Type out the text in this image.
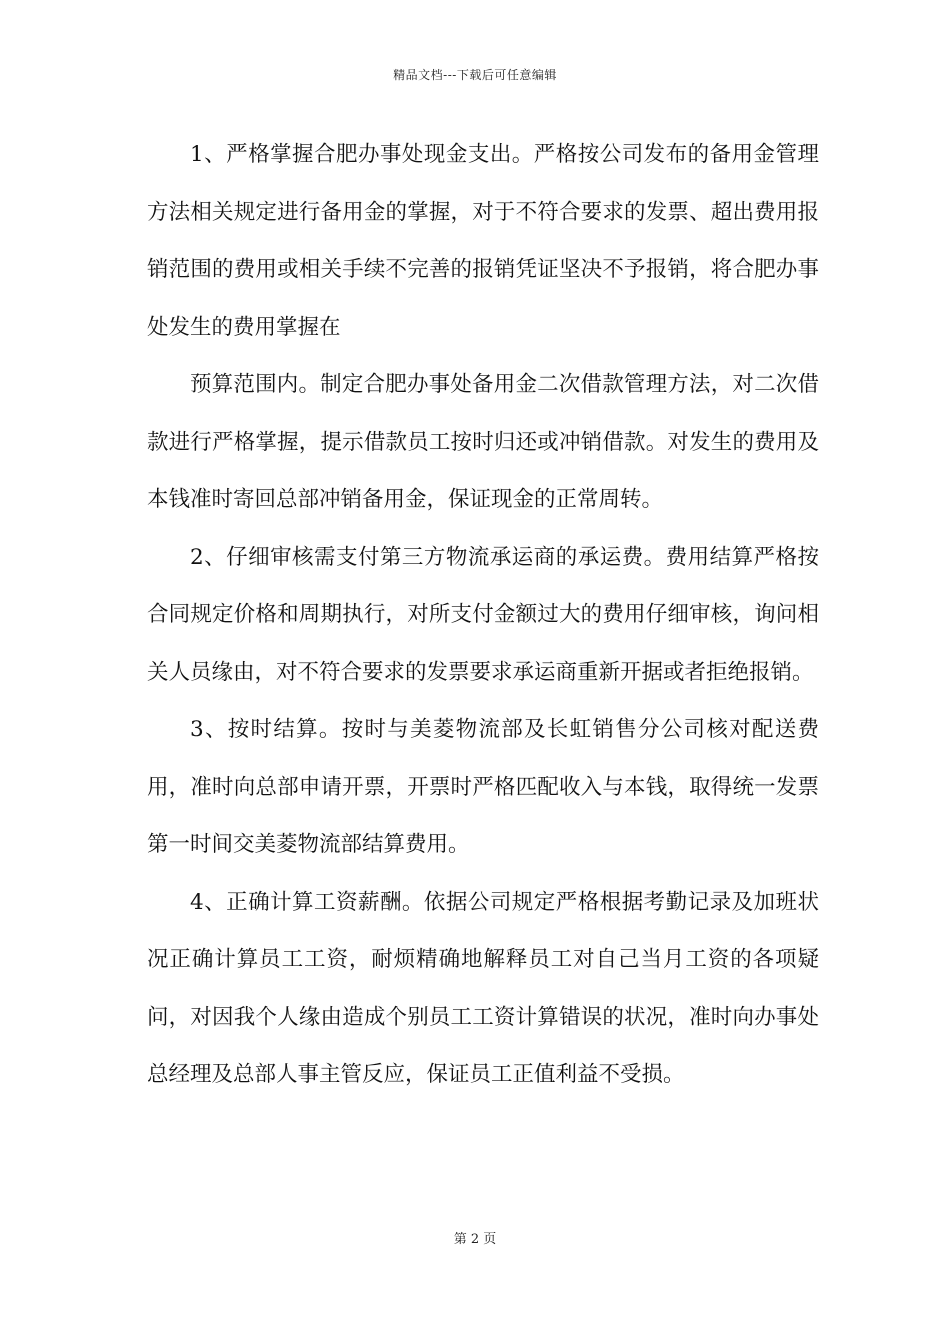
精品文档---下载后可任意编辑

1、严格掌握合肥办事处现金支出。严格按公司发布的备用金管理方法相关规定进行备用金的掌握，对于不符合要求的发票、超出费用报销范围的费用或相关手续不完善的报销凭证坚决不予报销，将合肥办事处发生的费用掌握在

预算范围内。制定合肥办事处备用金二次借款管理方法，对二次借款进行严格掌握，提示借款员工按时归还或冲销借款。对发生的费用及本钱准时寄回总部冲销备用金，保证现金的正常周转。

2、仔细审核需支付第三方物流承运商的承运费。费用结算严格按合同规定价格和周期执行，对所支付金额过大的费用仔细审核，询问相关人员缘由，对不符合要求的发票要求承运商重新开据或者拒绝报销。

3、按时结算。按时与美菱物流部及长虹销售分公司核对配送费用，准时向总部申请开票，开票时严格匹配收入与本钱，取得统一发票第一时间交美菱物流部结算费用。

4、正确计算工资薪酬。依据公司规定严格根据考勤记录及加班状况正确计算员工工资，耐烦精确地解释员工对自己当月工资的各项疑问，对因我个人缘由造成个别员工工资计算错误的状况，准时向办事处总经理及总部人事主管反应，保证员工正值利益不受损。

第 2 页
